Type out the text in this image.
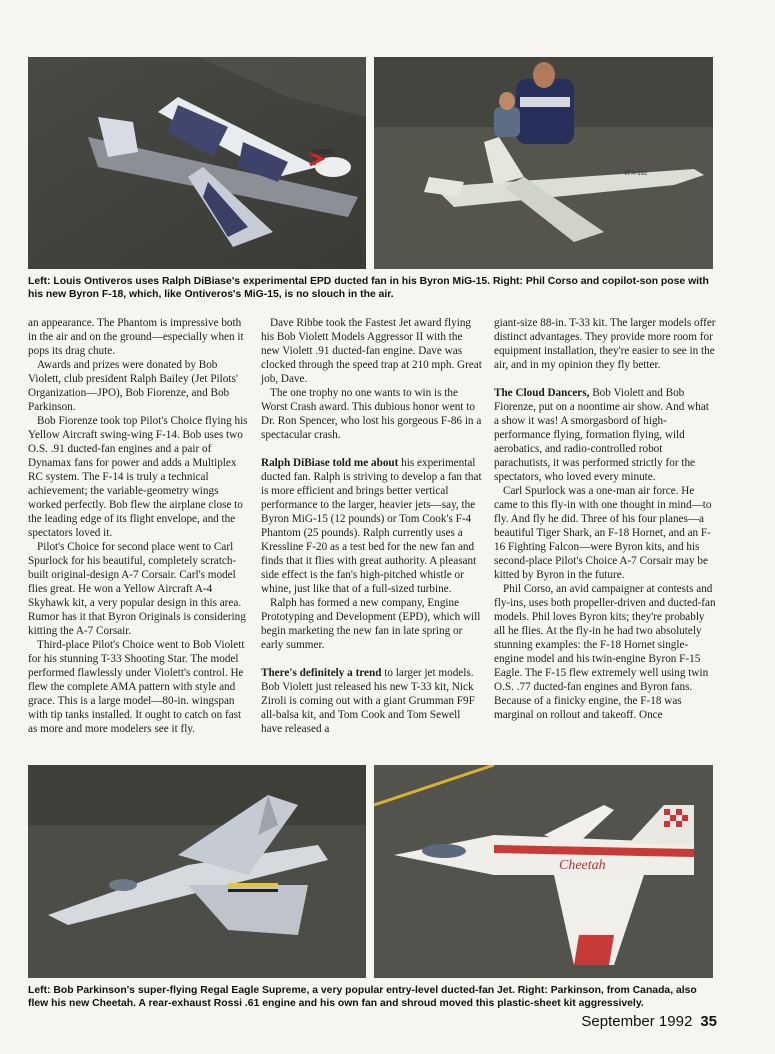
100000
VFA-192
Left: Louis Ontiveros uses Ralph DiBiase's experimental EPD ducted fan in his Byron MiG-15. Right: Phil Corso and copilot-son pose with his new Byron F-18, which, like Ontiveros's MiG-15, is no slouch in the air.

an appearance. The Phantom is impressive both in the air and on the ground—especially when it pops its drag chute.

Awards and prizes were donated by Bob Violett, club president Ralph Bailey (Jet Pilots' Organization—JPO), Bob Fiorenze, and Bob Parkinson.

Bob Fiorenze took top Pilot's Choice flying his Yellow Aircraft swing-wing F-14. Bob uses two O.S. .91 ducted-fan engines and a pair of Dynamax fans for power and adds a Multiplex RC system. The F-14 is truly a technical achievement; the variable-geometry wings worked perfectly. Bob flew the airplane close to the leading edge of its flight envelope, and the spectators loved it.

Pilot's Choice for second place went to Carl Spurlock for his beautiful, completely scratch-built original-design A-7 Corsair. Carl's model flies great. He won a Yellow Aircraft A-4 Skyhawk kit, a very popular design in this area. Rumor has it that Byron Originals is considering kitting the A-7 Corsair.

Third-place Pilot's Choice went to Bob Violett for his stunning T-33 Shooting Star. The model performed flawlessly under Violett's control. He flew the complete AMA pattern with style and grace. This is a large model—80-in. wingspan with tip tanks installed. It ought to catch on fast as more and more modelers see it fly.

Dave Ribbe took the Fastest Jet award flying his Bob Violett Models Aggressor II with the new Violett .91 ducted-fan engine. Dave was clocked through the speed trap at 210 mph. Great job, Dave.

The one trophy no one wants to win is the Worst Crash award. This dubious honor went to Dr. Ron Spencer, who lost his gorgeous F-86 in a spectacular crash.

Ralph DiBiase told me about his experimental ducted fan. Ralph is striving to develop a fan that is more efficient and brings better vertical performance to the larger, heavier jets—say, the Byron MiG-15 (12 pounds) or Tom Cook's F-4 Phantom (25 pounds). Ralph currently uses a Kressline F-20 as a test bed for the new fan and finds that it flies with great authority. A pleasant side effect is the fan's high-pitched whistle or whine, just like that of a full-sized turbine.

Ralph has formed a new company, Engine Prototyping and Development (EPD), which will begin marketing the new fan in late spring or early summer.

There's definitely a trend to larger jet models. Bob Violett just released his new T-33 kit, Nick Ziroli is coming out with a giant Grumman F9F all-balsa kit, and Tom Cook and Tom Sewell have released a

giant-size 88-in. T-33 kit. The larger models offer distinct advantages. They provide more room for equipment installation, they're easier to see in the air, and in my opinion they fly better.

The Cloud Dancers, Bob Violett and Bob Fiorenze, put on a noontime air show. And what a show it was! A smorgasbord of high-performance flying, formation flying, wild aerobatics, and radio-controlled robot parachutists, it was performed strictly for the spectators, who loved every minute.

Carl Spurlock was a one-man air force. He came to this fly-in with one thought in mind—to fly. And fly he did. Three of his four planes—a beautiful Tiger Shark, an F-18 Hornet, and an F-16 Fighting Falcon—were Byron kits, and his second-place Pilot's Choice A-7 Corsair may be kitted by Byron in the future.

Phil Corso, an avid campaigner at contests and fly-ins, uses both propeller-driven and ducted-fan models. Phil loves Byron kits; they're probably all he flies. At the fly-in he had two absolutely stunning examples: the F-18 Hornet single-engine model and his twin-engine Byron F-15 Eagle. The F-15 flew extremely well using twin O.S. .77 ducted-fan engines and Byron fans. Because of a finicky engine, the F-18 was marginal on rollout and takeoff. Once

Cheetah
Left: Bob Parkinson's super-flying Regal Eagle Supreme, a very popular entry-level ducted-fan Jet. Right: Parkinson, from Canada, also flew his new Cheetah. A rear-exhaust Rossi .61 engine and his own fan and shroud moved this plastic-sheet kit aggressively.
September 1992 35
